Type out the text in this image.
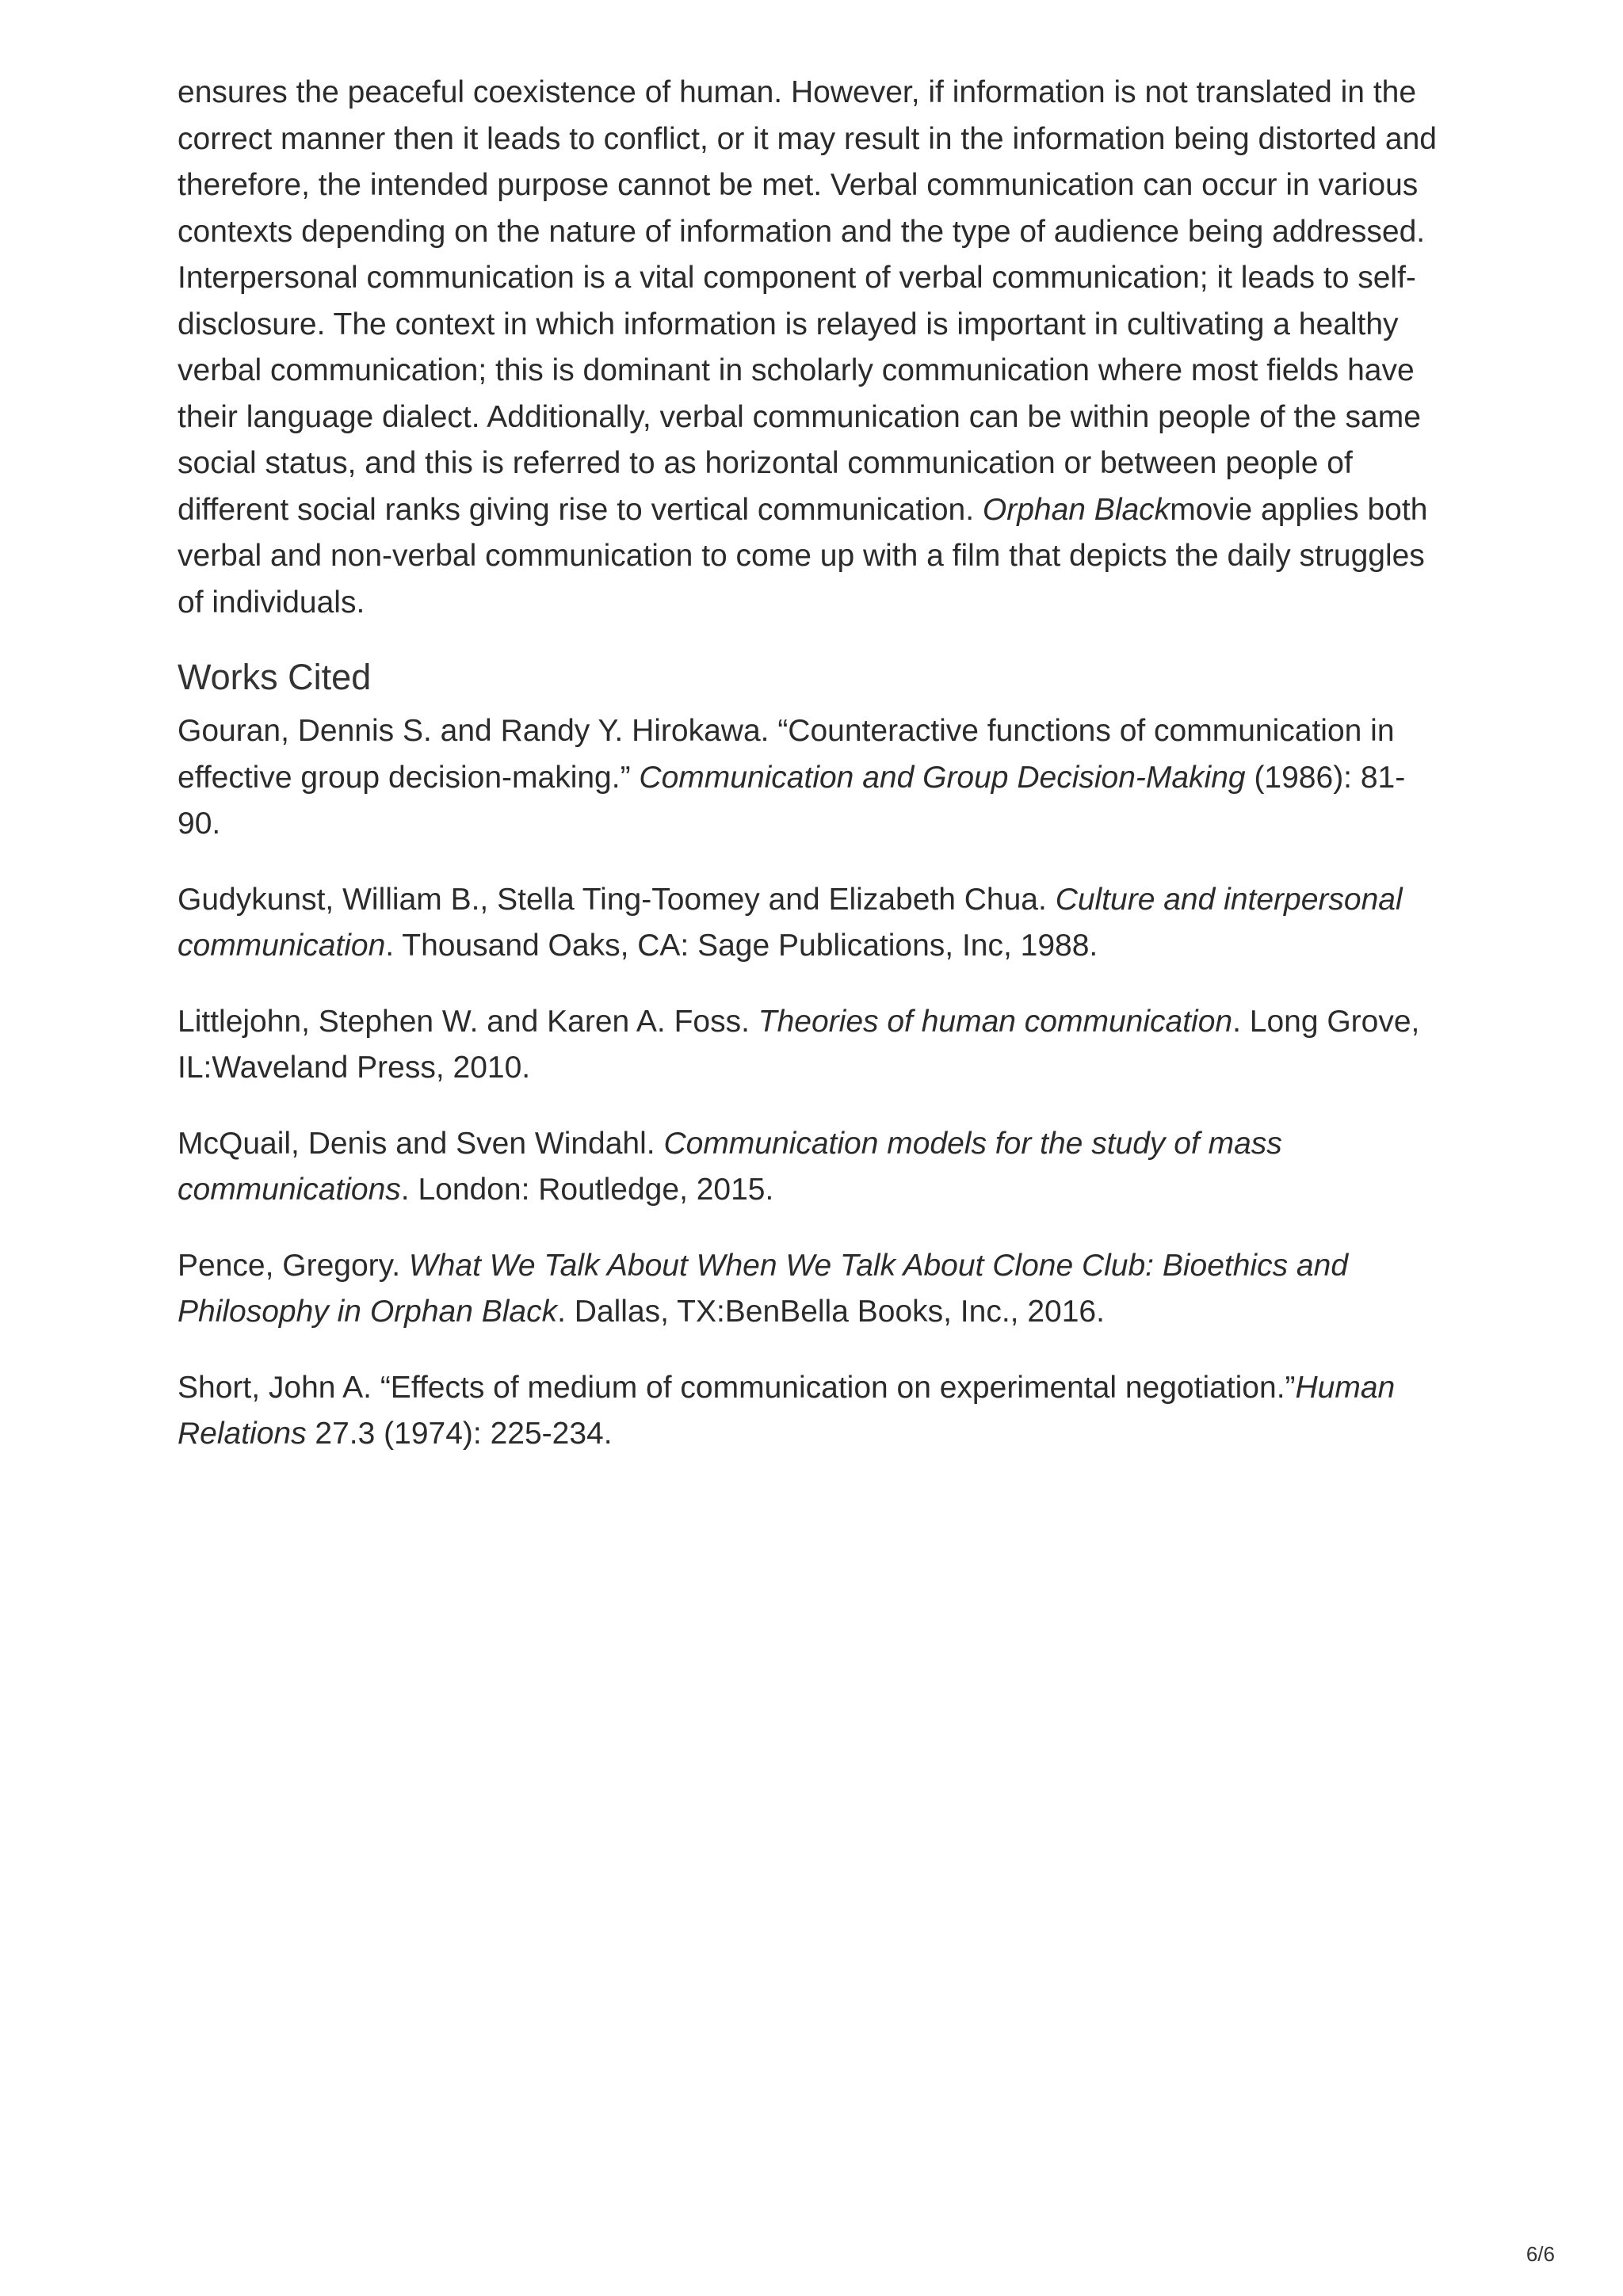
ensures the peaceful coexistence of human. However, if information is not translated in the correct manner then it leads to conflict, or it may result in the information being distorted and therefore, the intended purpose cannot be met. Verbal communication can occur in various contexts depending on the nature of information and the type of audience being addressed. Interpersonal communication is a vital component of verbal communication; it leads to self-disclosure. The context in which information is relayed is important in cultivating a healthy verbal communication; this is dominant in scholarly communication where most fields have their language dialect. Additionally, verbal communication can be within people of the same social status, and this is referred to as horizontal communication or between people of different social ranks giving rise to vertical communication. Orphan Blackmovie applies both verbal and non-verbal communication to come up with a film that depicts the daily struggles of individuals.

Works Cited

Gouran, Dennis S. and Randy Y. Hirokawa. “Counteractive functions of communication in effective group decision-making.” Communication and Group Decision-Making (1986): 81-90.

Gudykunst, William B., Stella Ting-Toomey and Elizabeth Chua. Culture and interpersonal communication. Thousand Oaks, CA: Sage Publications, Inc, 1988.

Littlejohn, Stephen W. and Karen A. Foss. Theories of human communication. Long Grove, IL:Waveland Press, 2010.

McQuail, Denis and Sven Windahl. Communication models for the study of mass communications. London: Routledge, 2015.

Pence, Gregory. What We Talk About When We Talk About Clone Club: Bioethics and Philosophy in Orphan Black. Dallas, TX:BenBella Books, Inc., 2016.

Short, John A. “Effects of medium of communication on experimental negotiation.”Human Relations 27.3 (1974): 225-234.

6/6
